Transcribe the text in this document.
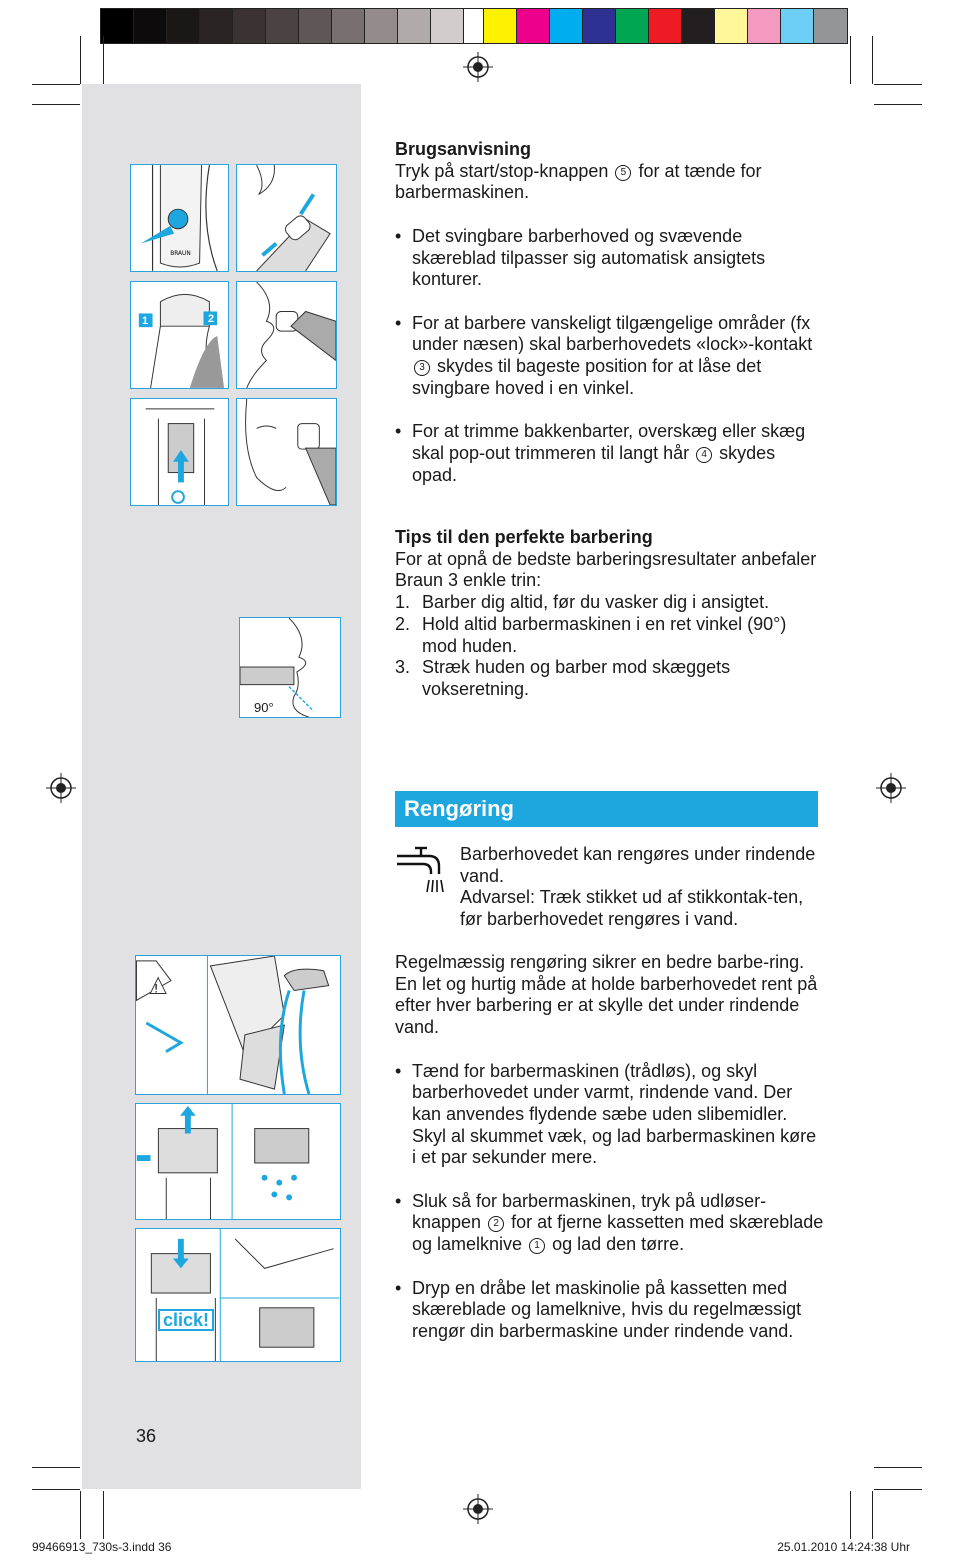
BRAUN
1	2
90°
!
click!

Brugsanvisning

Tryk på start/stop-knappen 5 for at tænde for barbermaskinen.

• Det svingbare barberhoved og svævende skæreblad tilpasser sig automatisk ansigtets konturer.

• For at barbere vanskeligt tilgængelige områder (fx under næsen) skal barberhovedets «lock»-kontakt 3 skydes til bageste position for at låse det svingbare hoved i en vinkel.

• For at trimme bakkenbarter, overskæg eller skæg skal pop-out trimmeren til langt hår 4 skydes opad.

Tips til den perfekte barbering

For at opnå de bedste barberingsresultater anbefaler Braun 3 enkle trin:

1. Barber dig altid, før du vasker dig i ansigtet.

2. Hold altid barbermaskinen i en ret vinkel (90°) mod huden.

3. Stræk huden og barber mod skæggets vokseretning.

Rengøring

Barberhovedet kan rengøres under rindende vand.

Advarsel: Træk stikket ud af stikkontak-ten, før barberhovedet rengøres i vand.

Regelmæssig rengøring sikrer en bedre barbe-ring. En let og hurtig måde at holde barberhovedet rent på efter hver barbering er at skylle det under rindende vand.

• Tænd for barbermaskinen (trådløs), og skyl barberhovedet under varmt, rindende vand. Der kan anvendes flydende sæbe uden slibemidler. Skyl al skummet væk, og lad barbermaskinen køre i et par sekunder mere.

• Sluk så for barbermaskinen, tryk på udløser-knappen 2 for at fjerne kassetten med skæreblade og lamelknive 1 og lad den tørre.

• Dryp en dråbe let maskinolie på kassetten med skæreblade og lamelknive, hvis du regelmæssigt rengør din barbermaskine under rindende vand.

36
99466913_730s-3.indd 36	25.01.2010 14:24:38 Uhr
